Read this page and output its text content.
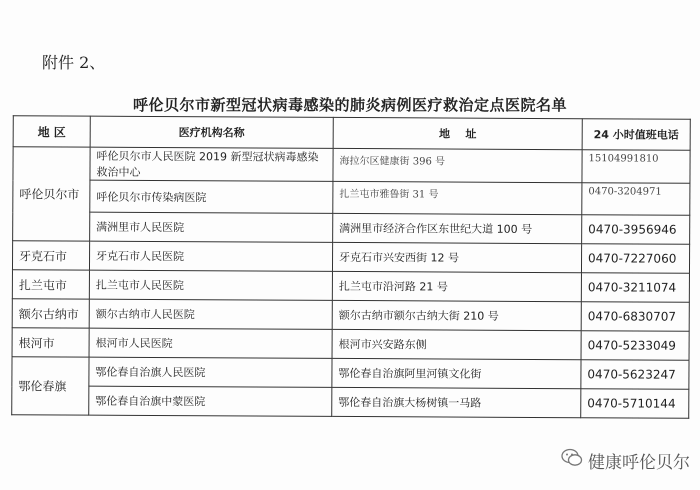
附件 2、
呼伦贝尔市新型冠状病毒感染的肺炎病例医疗救治定点医院名单
地 区	医疗机构名称	地    址	24 小时值班电话
呼伦贝尔市	呼伦贝尔市人民医院 2019 新型冠状病毒感染救治中心	海拉尔区健康街 396 号	15104991810
	呼伦贝尔市传染病医院	扎兰屯市雅鲁街 31 号	0470-3204971
	满洲里市人民医院	满洲里市经济合作区东世纪大道 100 号	0470-3956946
牙克石市	牙克石市人民医院	牙克石市兴安西街 12 号	0470-7227060
扎兰屯市	扎兰屯市人民医院	扎兰屯市沿河路 21 号	0470-3211074
额尔古纳市	额尔古纳市人民医院	额尔古纳市额尔古纳大街 210 号	0470-6830707
根河市	根河市人民医院	根河市兴安路东侧	0470-5233049
鄂伦春旗	鄂伦春自治旗人民医院	鄂伦春自治旗阿里河镇文化街	0470-5623247
	鄂伦春自治旗中蒙医院	鄂伦春自治旗大杨树镇一马路	0470-5710144
健康呼伦贝尔
